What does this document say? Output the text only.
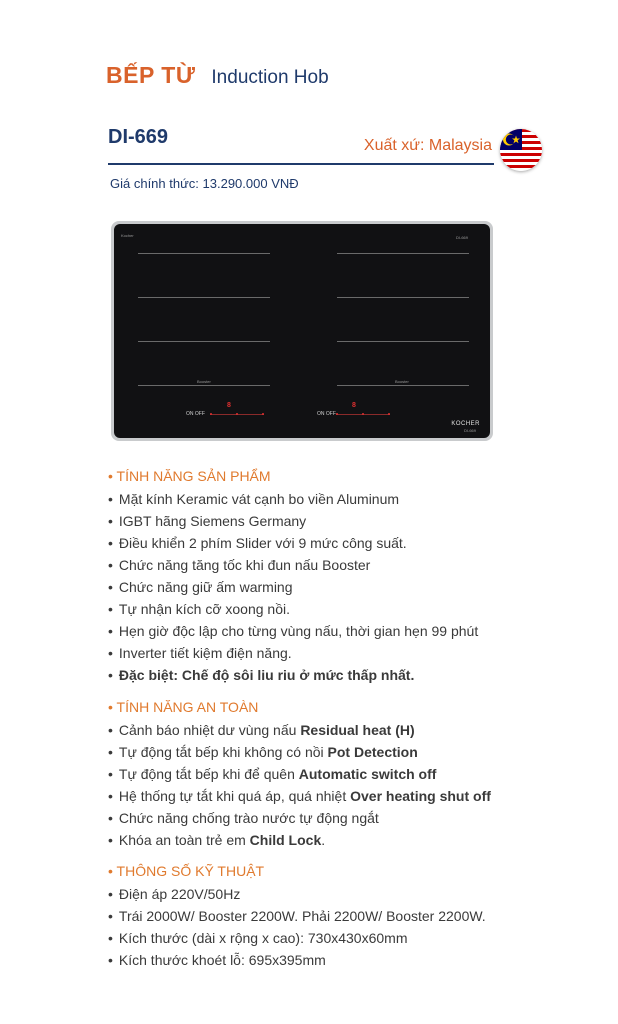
BẾP TỪ Induction Hob
DI-669	Xuất xứ: Malaysia
Giá chính thức: 13.290.000 VNĐ
Kocher	DI-669
Booster	Booster
ON OFF
8
ON OFF
8
KOCHER
DI-669
• TÍNH NĂNG SẢN PHẨM
• Mặt kính Keramic vát cạnh bo viền Aluminum
• IGBT hãng Siemens Germany
• Điều khiển 2 phím Slider với 9 mức công suất.
• Chức năng tăng tốc khi đun nấu Booster
• Chức năng giữ ấm warming
• Tự nhận kích cỡ xoong nồi.
• Hẹn giờ độc lập cho từng vùng nấu, thời gian hẹn 99 phút
• Inverter tiết kiệm điện năng.
• Đặc biệt: Chế độ sôi liu riu ở mức thấp nhất.
• TÍNH NĂNG AN TOÀN
• Cảnh báo nhiệt dư vùng nấu Residual heat (H)
• Tự động tắt bếp khi không có nồi Pot Detection
• Tự động tắt bếp khi để quên Automatic switch off
• Hệ thống tự tắt khi quá áp, quá nhiệt Over heating shut off
• Chức năng chống trào nước tự động ngắt
• Khóa an toàn trẻ em Child Lock.
• THÔNG SỐ KỸ THUẬT
• Điện áp 220V/50Hz
• Trái 2000W/ Booster 2200W. Phải 2200W/ Booster 2200W.
• Kích thước (dài x rộng x cao): 730x430x60mm
• Kích thước khoét lỗ: 695x395mm
